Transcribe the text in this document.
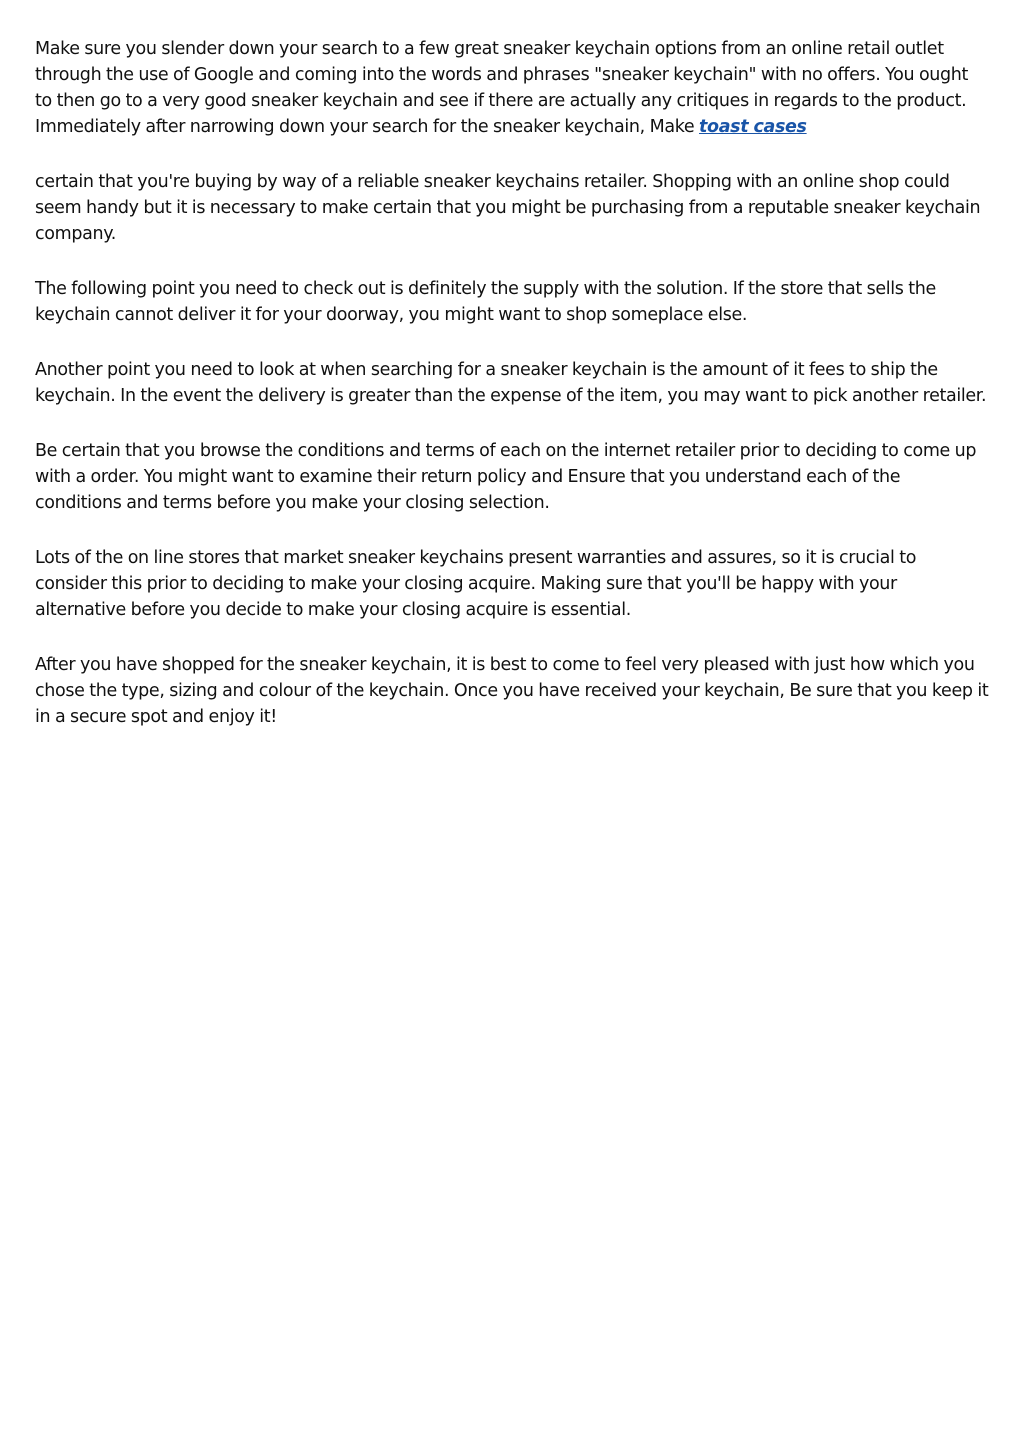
Make sure you slender down your search to a few great sneaker keychain options from an online retail outlet through the use of Google and coming into the words and phrases "sneaker keychain" with no offers. You ought to then go to a very good sneaker keychain and see if there are actually any critiques in regards to the product. Immediately after narrowing down your search for the sneaker keychain, Make toast cases

certain that you're buying by way of a reliable sneaker keychains retailer. Shopping with an online shop could seem handy but it is necessary to make certain that you might be purchasing from a reputable sneaker keychain company.

The following point you need to check out is definitely the supply with the solution. If the store that sells the keychain cannot deliver it for your doorway, you might want to shop someplace else.

Another point you need to look at when searching for a sneaker keychain is the amount of it fees to ship the keychain. In the event the delivery is greater than the expense of the item, you may want to pick another retailer.

Be certain that you browse the conditions and terms of each on the internet retailer prior to deciding to come up with a order. You might want to examine their return policy and Ensure that you understand each of the conditions and terms before you make your closing selection.

Lots of the on line stores that market sneaker keychains present warranties and assures, so it is crucial to consider this prior to deciding to make your closing acquire. Making sure that you'll be happy with your alternative before you decide to make your closing acquire is essential.

After you have shopped for the sneaker keychain, it is best to come to feel very pleased with just how which you chose the type, sizing and colour of the keychain. Once you have received your keychain, Be sure that you keep it in a secure spot and enjoy it!
